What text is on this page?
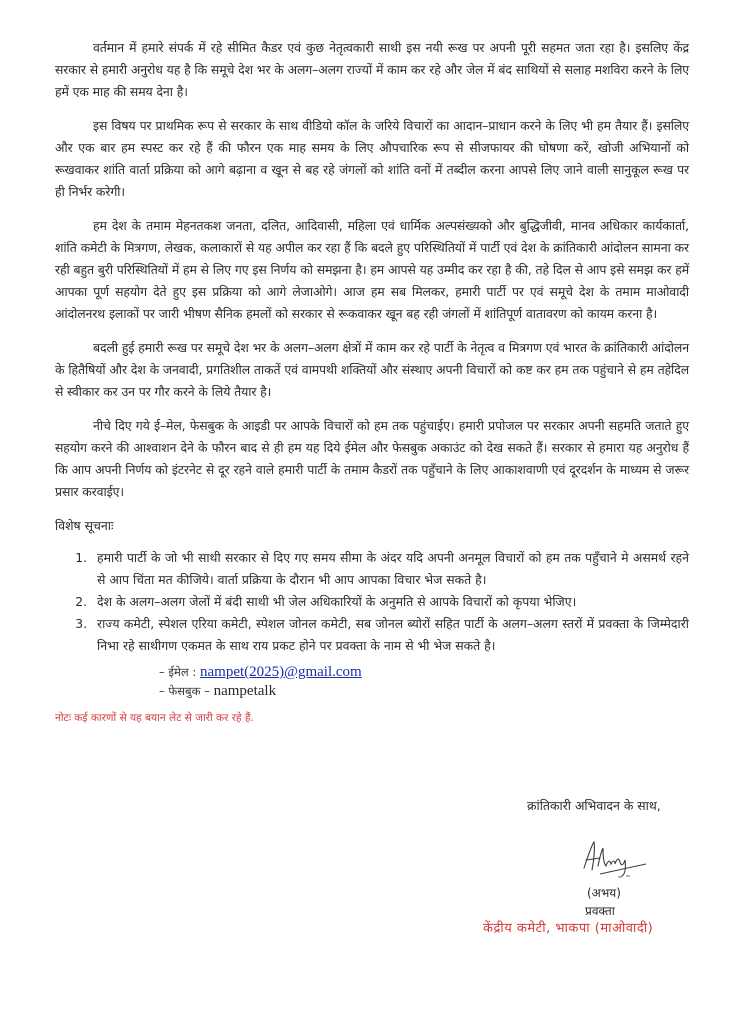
वर्तमान में हमारे संपर्क में रहे सीमित कैडर एवं कुछ नेतृत्वकारी साथी इस नयी रूख पर अपनी पूरी सहमत जता रहा है। इसलिए केंद्र सरकार से हमारी अनुरोध यह है कि समूचे देश भर के अलग–अलग राज्यों में काम कर रहे और जेल में बंद साथियों से सलाह मशविरा करने के लिए हमें एक माह की समय देना है।

इस विषय पर प्राथमिक रूप से सरकार के साथ वीडियो कॉल के जरिये विचारों का आदान–प्राधान करने के लिए भी हम तैयार हैं। इसलिए और एक बार हम स्पस्ट कर रहे हैं की फौरन एक माह समय के लिए औपचारिक रूप से सीजफायर की घोषणा करें, खोजी अभियानों को रूखवाकर शांति वार्ता प्रक्रिया को आगे बढ़ाना व खून से बह रहे जंगलों को शांति वनों में तब्दील करना आपसे लिए जाने वाली सानुकूल रूख पर ही निर्भर करेगी।

हम देश के तमाम मेहनतकश जनता, दलित, आदिवासी, महिला एवं धार्मिक अल्पसंख्यको और बुद्धिजीवी, मानव अधिकार कार्यकार्ता, शांति कमेटी के मित्रगण, लेखक, कलाकारों से यह अपील कर रहा हैं कि बदले हुए परिस्थितियों में पार्टी एवं देश के क्रांतिकारी आंदोलन सामना कर रही बहुत बुरी परिस्थितियों में हम से लिए गए इस निर्णय को समझना है। हम आपसे यह उम्मीद कर रहा है की, तहे दिल से आप इसे समझ कर हमें आपका पूर्ण सहयोग देते हुए इस प्रक्रिया को आगे लेजाओगे। आज हम सब मिलकर, हमारी पार्टी पर एवं समूचे देश के तमाम माओवादी आंदोलनरथ इलाकों पर जारी भीषण सैनिक हमलों को सरकार से रूकवाकर खून बह रही जंगलों में शांतिपूर्ण वातावरण को कायम करना है।

बदली हुई हमारी रूख पर समूचे देश भर के अलग–अलग क्षेत्रों में काम कर रहे पार्टी के नेतृत्व व मित्रगण एवं भारत के क्रांतिकारी आंदोलन के हितैषियों और देश के जनवादी, प्रगतिशील ताकतें एवं वामपथी शक्तियों और संस्थाए अपनी विचारों को कष्ट कर हम तक पहुंचाने से हम तहेदिल से स्वीकार कर उन पर गौर करने के लिये तैयार है।

नीचे दिए गये ई–मेल, फेसबुक के आइडी पर आपके विचारों को हम तक पहुंचाईए। हमारी प्रपोजल पर सरकार अपनी सहमति जताते हुए सहयोग करने की आश्वाशन देने के फौरन बाद से ही हम यह दिये ईमेल और फेसबुक अकाउंट को देख सकते हैं। सरकार से हमारा यह अनुरोध हैं कि आप अपनी निर्णय को इंटरनेट से दूर रहने वाले हमारी पार्टी के तमाम कैडरों तक पहुँचाने के लिए आकाशवाणी एवं दूरदर्शन के माध्यम से जरूर प्रसार करवाईए।

विशेष सूचनाः
1. हमारी पार्टी के जो भी साथी सरकार से दिए गए समय सीमा के अंदर यदि अपनी अनमूल विचारों को हम तक पहुँचाने मे असमर्थ रहने से आप चिंता मत कीजिये। वार्ता प्रक्रिया के दौरान भी आप आपका विचार भेज सकते है।
2. देश के अलग–अलग जेलों में बंदी साथी भी जेल अधिकारियों के अनुमति से आपके विचारों को कृपया भेजिए।
3. राज्य कमेटी, स्पेशल एरिया कमेटी, स्पेशल जोनल कमेटी, सब जोनल ब्योरों सहित पार्टी के अलग–अलग स्तरों में प्रवक्ता के जिम्मेदारी निभा रहे साथीगण एकमत के साथ राय प्रकट होने पर प्रवक्ता के नाम से भी भेज सकते है।
– ईमेल : nampet(2025)@gmail.com
– फेसबुक – nampetalk
नोटः कई कारणों से यह बयान लेट से जारी कर रहे हैं.
क्रांतिकारी अभिवादन के साथ,
(अभय)
प्रवक्ता
केंद्रीय कमेटी, भाकपा (माओवादी)
